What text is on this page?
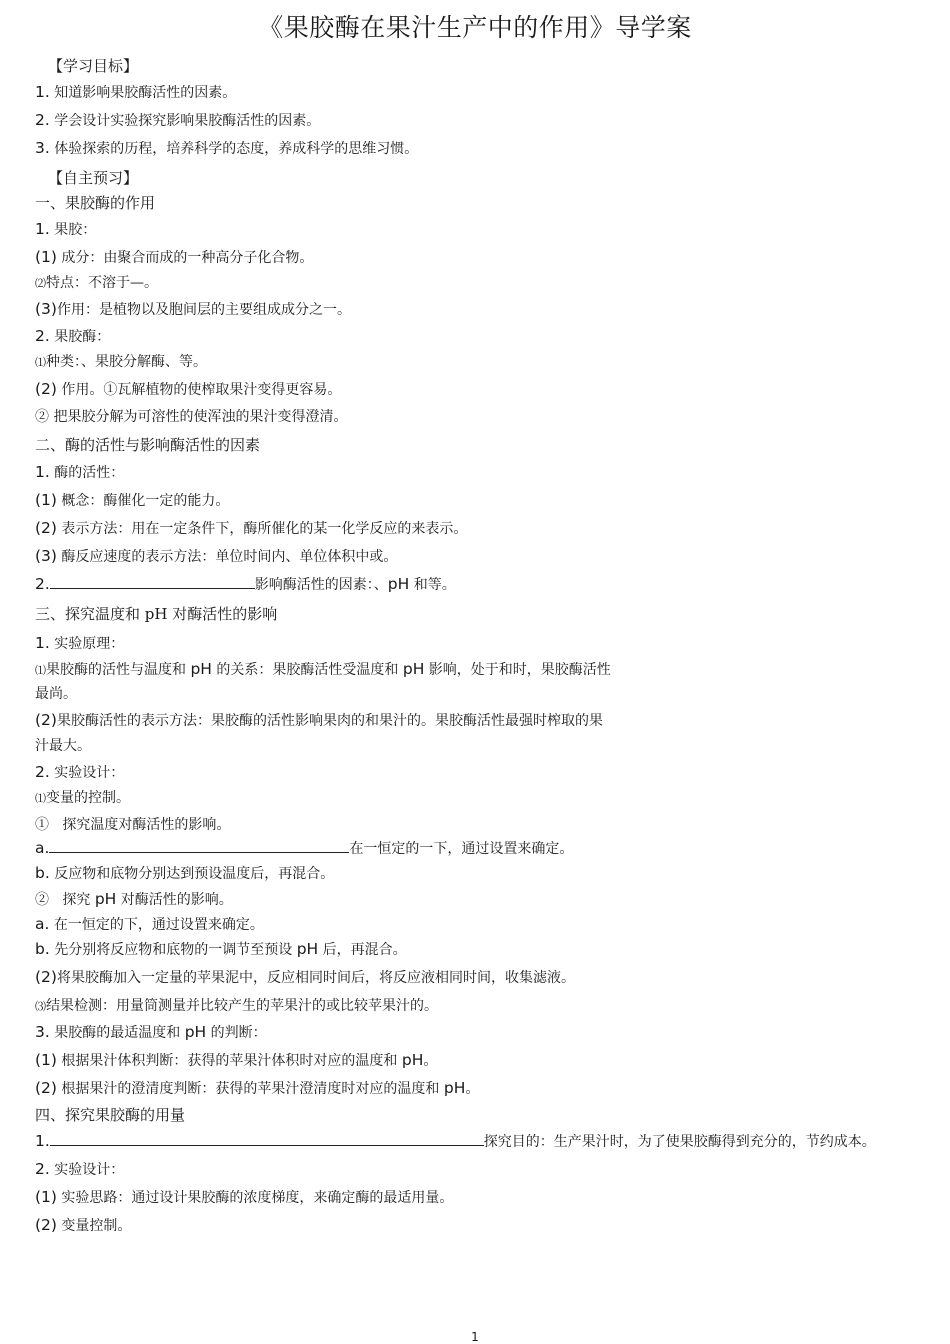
《果胶酶在果汁生产中的作用》导学案
【学习目标】
1. 知道影响果胶酶活性的因素。
2. 学会设计实验探究影响果胶酶活性的因素。
3. 体验探索的历程，培养科学的态度，养成科学的思维习惯。
【自主预习】
一、果胶酶的作用
1. 果胶：
(1) 成分：由聚合而成的一种高分子化合物。
⑵特点：不溶于—。
(3)作用：是植物以及胞间层的主要组成成分之一。
2. 果胶酶：
⑴种类：、果胶分解酶、等。
(2) 作用。①瓦解植物的使榨取果汁变得更容易。
② 把果胶分解为可溶性的使浑浊的果汁变得澄清。
二、酶的活性与影响酶活性的因素
1. 酶的活性：
(1) 概念：酶催化一定的能力。
(2) 表示方法：用在一定条件下，酶所催化的某一化学反应的来表示。
(3) 酶反应速度的表示方法：单位时间内、单位体积中或。
2.	影响酶活性的因素：、pH 和等。
三、探究温度和 pH 对酶活性的影响
1. 实验原理：
⑴果胶酶的活性与温度和 pH 的关系：果胶酶活性受温度和 pH 影响，处于和时，果胶酶活性
最尚。
(2)果胶酶活性的表示方法：果胶酶的活性影响果肉的和果汁的。果胶酶活性最强时榨取的果
汁最大。
2. 实验设计：
⑴变量的控制。
① 探究温度对酶活性的影响。
a.	在一恒定的一下，通过设置来确定。
b. 反应物和底物分别达到预设温度后，再混合。
② 探究 pH 对酶活性的影响。
a. 在一恒定的下，通过设置来确定。
b. 先分别将反应物和底物的一调节至预设 pH 后，再混合。
(2)将果胶酶加入一定量的苹果泥中，反应相同时间后，将反应液相同时间，收集滤液。
⑶结果检测：用量筒测量并比较产生的苹果汁的或比较苹果汁的。
3. 果胶酶的最适温度和 pH 的判断：
(1) 根据果汁体积判断：获得的苹果汁体积时对应的温度和 pH。
(2) 根据果汁的澄清度判断：获得的苹果汁澄清度时对应的温度和 pH。
四、探究果胶酶的用量
1.	探究目的：生产果汁时，为了使果胶酶得到充分的，节约成本。
2. 实验设计：
(1) 实验思路：通过设计果胶酶的浓度梯度，来确定酶的最适用量。
(2) 变量控制。
1
